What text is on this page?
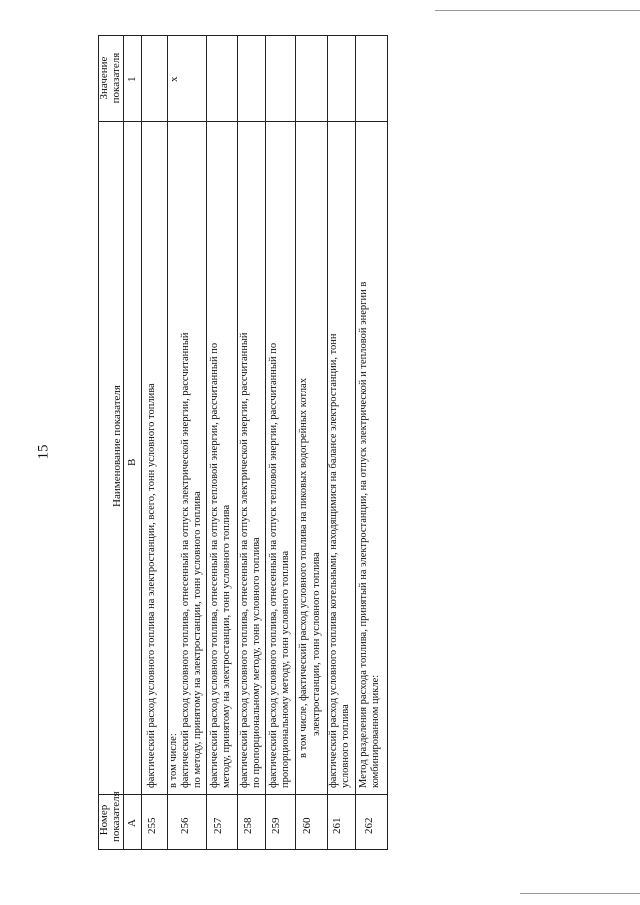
15
Значение
показателя
Наименование показателя
Номер
показателя
1
В
А 255
фактический расход условного топлива на электростанции, всего, тонн условного топлива в том числе:
x
256
фактический расход условного топлива, отнесенный на отпуск электрической энергии, рассчитанный по методу, принятому на электростанции, тонн условного топлива
257
фактический расход условного топлива, отнесенный на отпуск тепловой энергии, рассчитанный по методу, принятому на электростанции, тонн условного топлива
258
фактический расход условного топлива, отнесенный на отпуск электрической энергии, рассчитанный по пропорциональному методу, тонн условного топлива
259
фактический расход условного топлива, отнесенный на отпуск тепловой энергии, рассчитанный по пропорциональному методу, тонн условного топлива
260
в том числе, фактический расход условного топлива на пиковых водогрейных котлах электростанции, тонн условного топлива
261
фактический расход условного топлива котельными, находящимися на балансе электростанции, тонн условного топлива
262
Метод разделения расхода топлива, принятый на электростанции, на отпуск электрической и тепловой энергии в комбинированном цикле:
